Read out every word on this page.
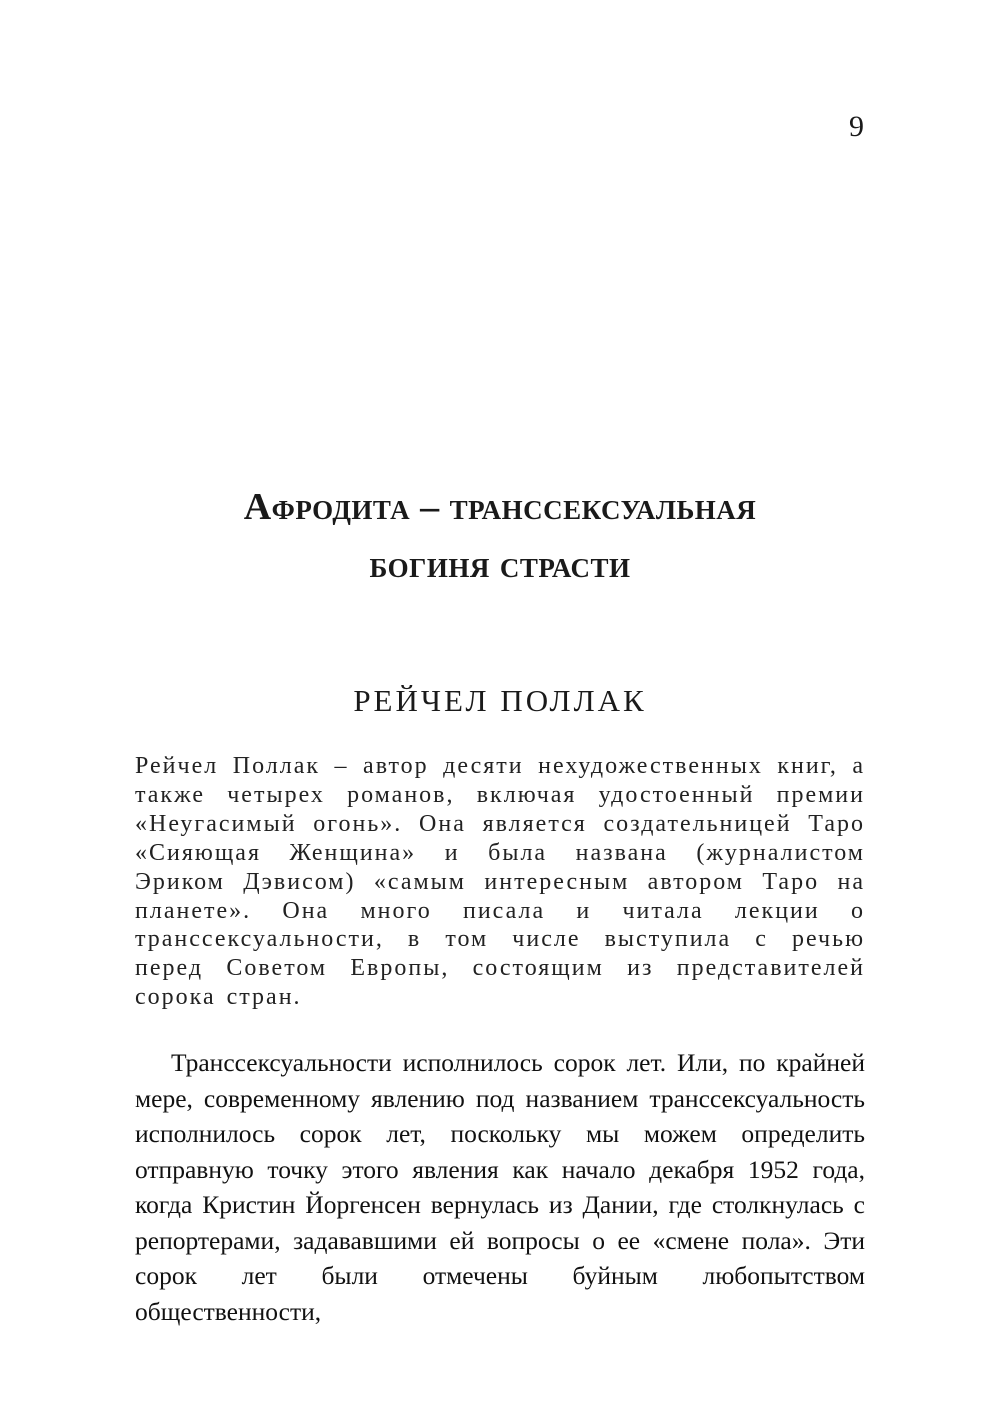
9
Афродита – транссексуальная
богиня страсти
РЕЙЧЕЛ ПОЛЛАК

Рейчел Поллак – автор десяти нехудожественных книг, а также четырех романов, включая удостоенный премии «Неугасимый огонь». Она является создательницей Таро «Сияющая Женщина» и была названа (журналистом Эриком Дэвисом) «самым интересным автором Таро на планете». Она много писала и читала лекции о транссексуальности, в том числе выступила с речью перед Советом Европы, состоящим из представителей сорока стран.

Транссексуальности исполнилось сорок лет. Или, по крайней мере, современному явлению под названием транссексуальность исполнилось сорок лет, поскольку мы можем определить отправную точку этого явления как начало декабря 1952 года, когда Кристин Йоргенсен вернулась из Дании, где столкнулась с репортерами, задававшими ей вопросы о ее «смене пола». Эти сорок лет были отмечены буйным любопытством общественности,
